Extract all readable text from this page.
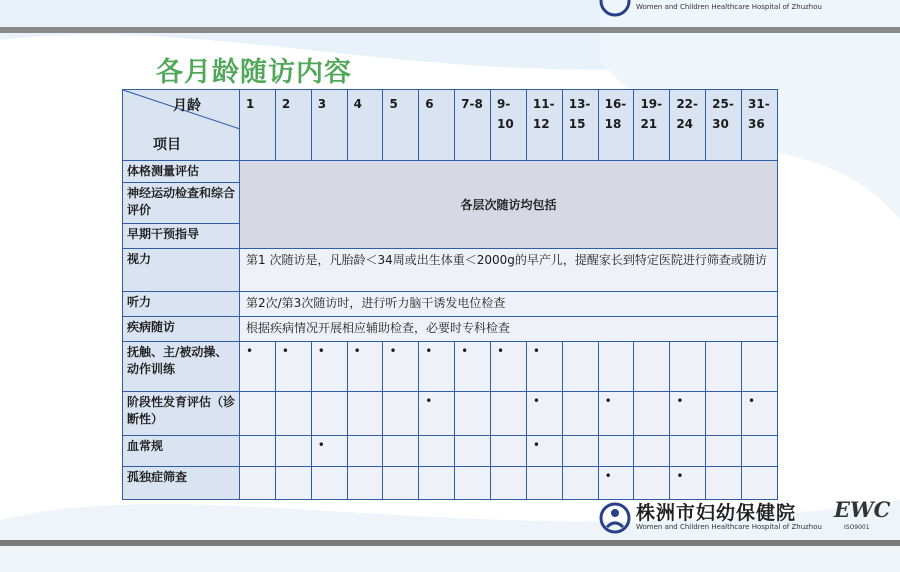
Women and Children Healthcare Hospital of Zhuzhou
各月龄随访内容
月龄
项目	1	2	3	4	5	6	7-8	9-10	11-12	13-15	16-18	19-21	22-24	25-30	31-36
体格测量评估	各层次随访均包括														
神经运动检查和综合评价															
早期干预指导															
视力	第1 次随访是，凡胎龄＜34周或出生体重＜2000g的早产儿，提醒家长到特定医院进行筛查或随访														
听力	第2次/第3次随访时，进行听力脑干诱发电位检查														
疾病随访	根据疾病情况开展相应辅助检查，必要时专科检查														
抚触、主/被动操、动作训练	•	•	•	•	•	•	•	•	•						
阶段性发育评估（诊断性）						•			•		•		•		•
血常规			•						•						
孤独症筛查											•		•		
株洲市妇幼保健院
Women and Children Healthcare Hospital of Zhuzhou
EWC
ISO9001
